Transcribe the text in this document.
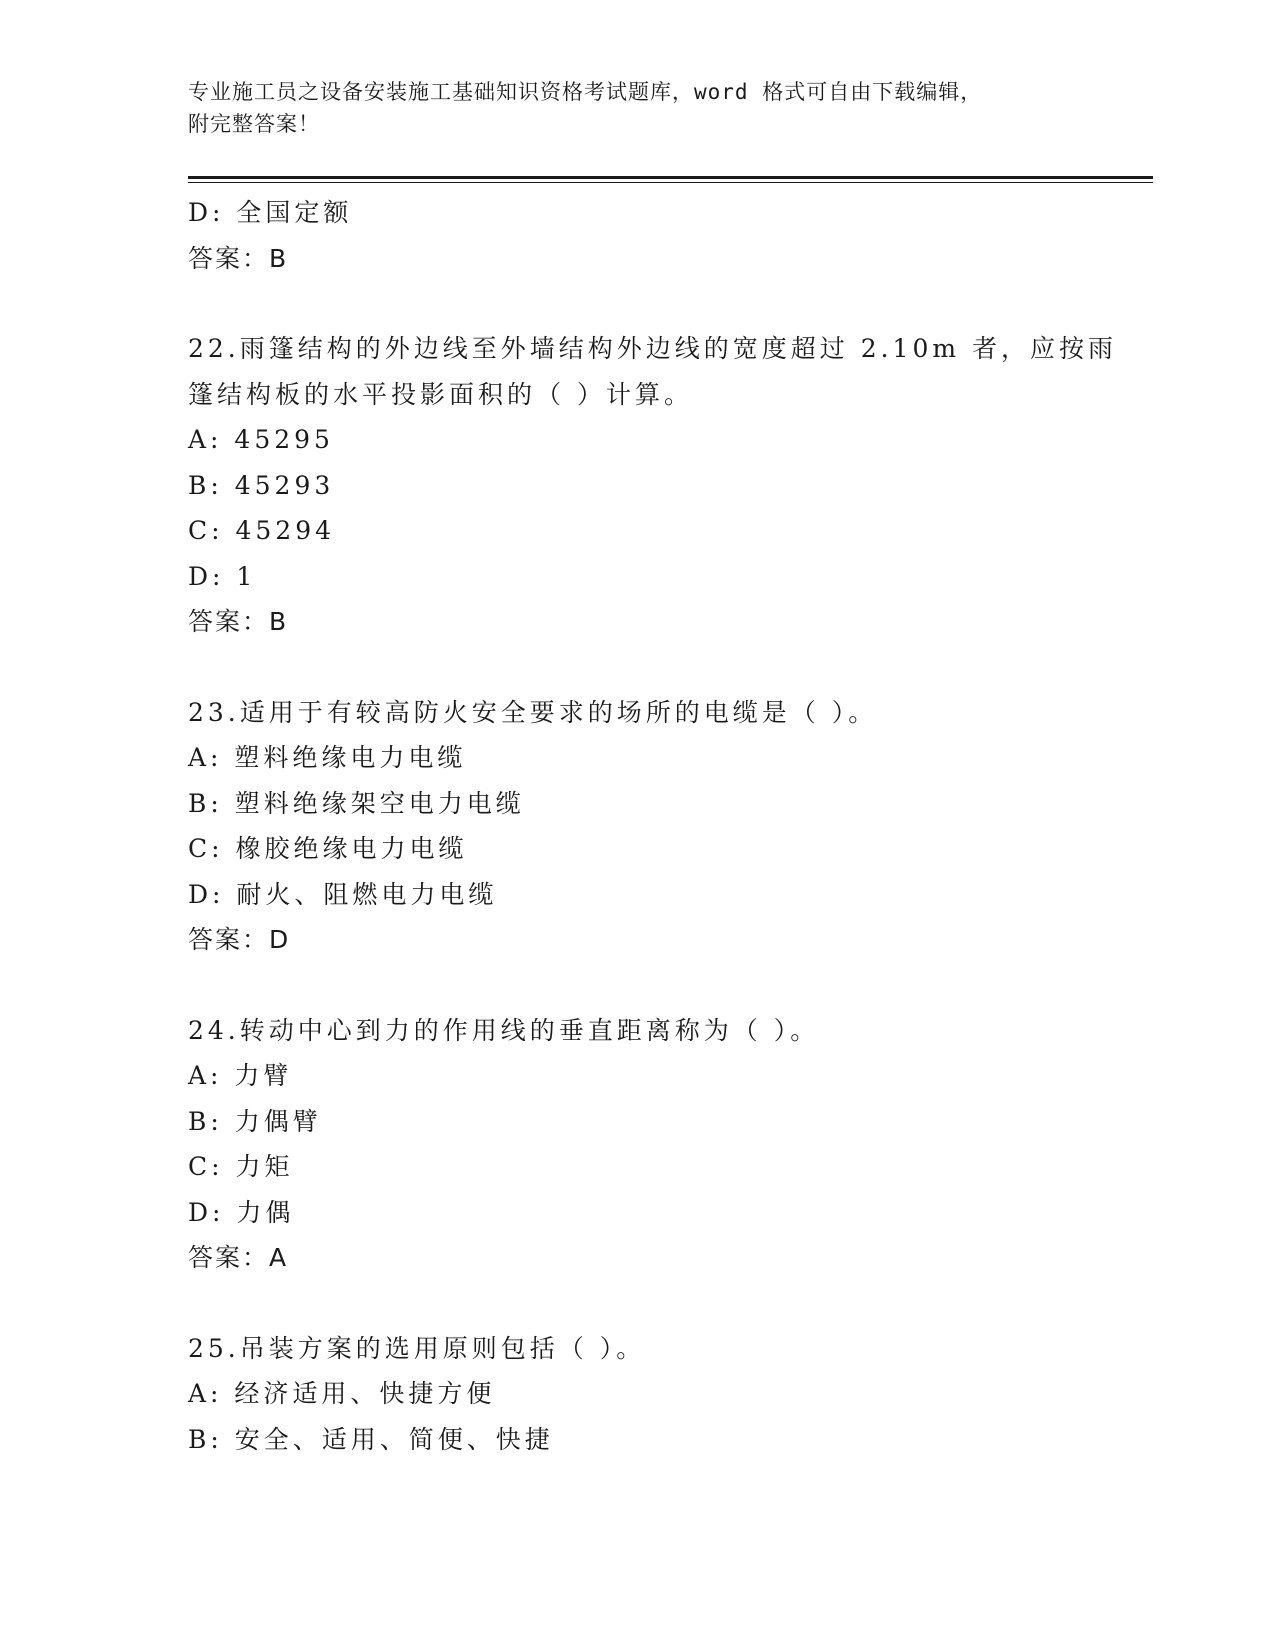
专业施工员之设备安装施工基础知识资格考试题库，word 格式可自由下载编辑，
附完整答案！
D: 全国定额
答案：B
22.雨篷结构的外边线至外墙结构外边线的宽度超过 2.10m 者，应按雨
篷结构板的水平投影面积的（ ）计算。
A: 45295
B: 45293
C: 45294
D: 1
答案：B
23.适用于有较高防火安全要求的场所的电缆是（ ）。
A: 塑料绝缘电力电缆
B: 塑料绝缘架空电力电缆
C: 橡胶绝缘电力电缆
D: 耐火、阻燃电力电缆
答案：D
24.转动中心到力的作用线的垂直距离称为（ ）。
A: 力臂
B: 力偶臂
C: 力矩
D: 力偶
答案：A
25.吊装方案的选用原则包括（ ）。
A: 经济适用、快捷方便
B: 安全、适用、简便、快捷
